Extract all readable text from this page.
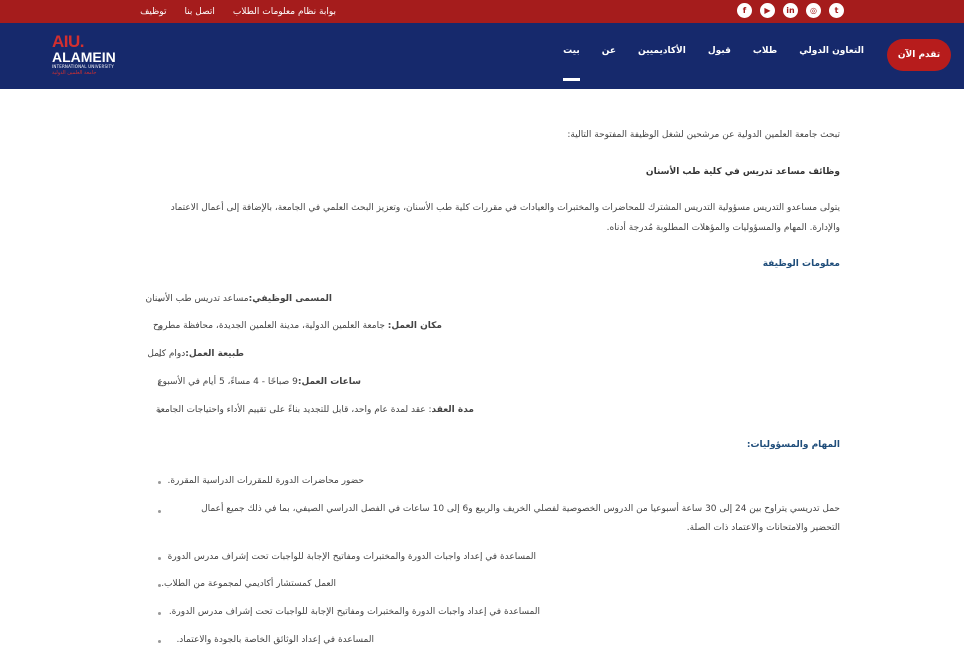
f ▶ in ◎ t
بوابة نظام معلومات الطلاب
اتصل بنا
توظيف
AIU.
ALAMEIN
INTERNATIONAL UNIVERSITY
جامعة العلمين الدولية
التعاون الدولي
طلاب
قبول
الأكاديميين
عن
بيت	تقدم الآن
تبحث جامعة العلمين الدولية عن مرشحين لشغل الوظيفة المفتوحة التالية:
وظائف مساعد تدريس في كلية طب الأسنان
يتولى مساعدو التدريس مسؤولية التدريس المشترك للمحاضرات والمختبرات والعيادات في مقررات كلية طب الأسنان، وتعزيز البحث العلمي في الجامعة، بالإضافة إلى أعمال الاعتماد والإدارة. المهام والمسؤوليات والمؤهلات المطلوبة مُدرجة أدناه.
معلومات الوظيفة
المسمى الوظيفي:مساعد تدريس طب الأسنان
مكان العمل: جامعة العلمين الدولية، مدينة العلمين الجديدة، محافظة مطروح
طبيعة العمل:دوام كامل
ساعات العمل:9 صباحًا - 4 مساءً، 5 أيام في الأسبوع
مدة العقد: عقد لمدة عام واحد، قابل للتجديد بناءً على تقييم الأداء واحتياجات الجامعة
المهام والمسؤوليات:
حضور محاضرات الدورة للمقررات الدراسية المقررة.
حمل تدريسي يتراوح بين 24 إلى 30 ساعة أسبوعيا من الدروس الخصوصية لفصلي الخريف والربيع و6 إلى 10 ساعات في الفصل الدراسي الصيفي، بما في ذلك جميع أعمال التحضير والامتحانات والاعتماد ذات الصلة.
المساعدة في إعداد واجبات الدورة والمختبرات ومفاتيح الإجابة للواجبات تحت إشراف مدرس الدورة
العمل كمستشار أكاديمي لمجموعة من الطلاب.
المساعدة في إعداد واجبات الدورة والمختبرات ومفاتيح الإجابة للواجبات تحت إشراف مدرس الدورة.
المساعدة في إعداد الوثائق الخاصة بالجودة والاعتماد.
